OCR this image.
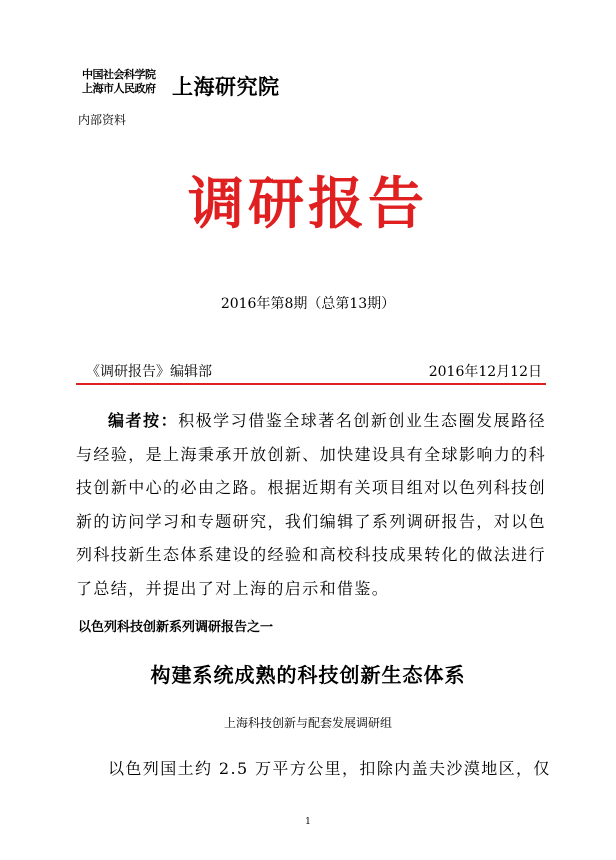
中国社会科学院
上海市人民政府 上海研究院
内部资料
调研报告
2016年第8期（总第13期）
《调研报告》编辑部	2016年12月12日
编者按：积极学习借鉴全球著名创新创业生态圈发展路径与经验，是上海秉承开放创新、加快建设具有全球影响力的科技创新中心的必由之路。根据近期有关项目组对以色列科技创新的访问学习和专题研究，我们编辑了系列调研报告，对以色列科技新生态体系建设的经验和高校科技成果转化的做法进行了总结，并提出了对上海的启示和借鉴。
以色列科技创新系列调研报告之一
构建系统成熟的科技创新生态体系
上海科技创新与配套发展调研组
以色列国土约 2.5 万平方公里，扣除内盖夫沙漠地区，仅
1
